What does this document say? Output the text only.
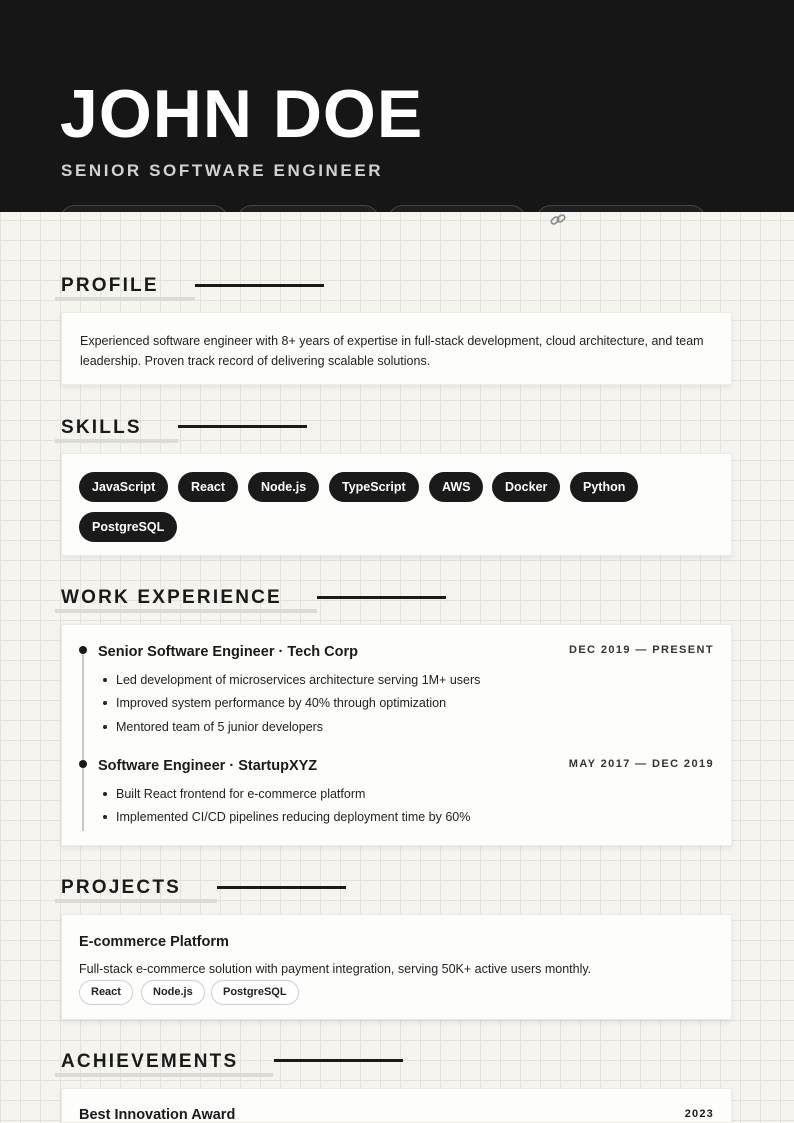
JOHN DOE
SENIOR SOFTWARE ENGINEER
PROFILE
Experienced software engineer with 8+ years of expertise in full-stack development, cloud architecture, and team leadership. Proven track record of delivering scalable solutions.
SKILLS
JavaScript	React	Node.js	TypeScript	AWS	Docker	Python
PostgreSQL
WORK EXPERIENCE
Senior Software Engineer · Tech Corp	DEC 2019 — PRESENT
Led development of microservices architecture serving 1M+ users
Improved system performance by 40% through optimization
Mentored team of 5 junior developers
Software Engineer · StartupXYZ	MAY 2017 — DEC 2019
Built React frontend for e-commerce platform
Implemented CI/CD pipelines reducing deployment time by 60%
PROJECTS
E-commerce Platform
Full-stack e-commerce solution with payment integration, serving 50K+ active users monthly.
React	Node.js	PostgreSQL
ACHIEVEMENTS
Best Innovation Award	2023
